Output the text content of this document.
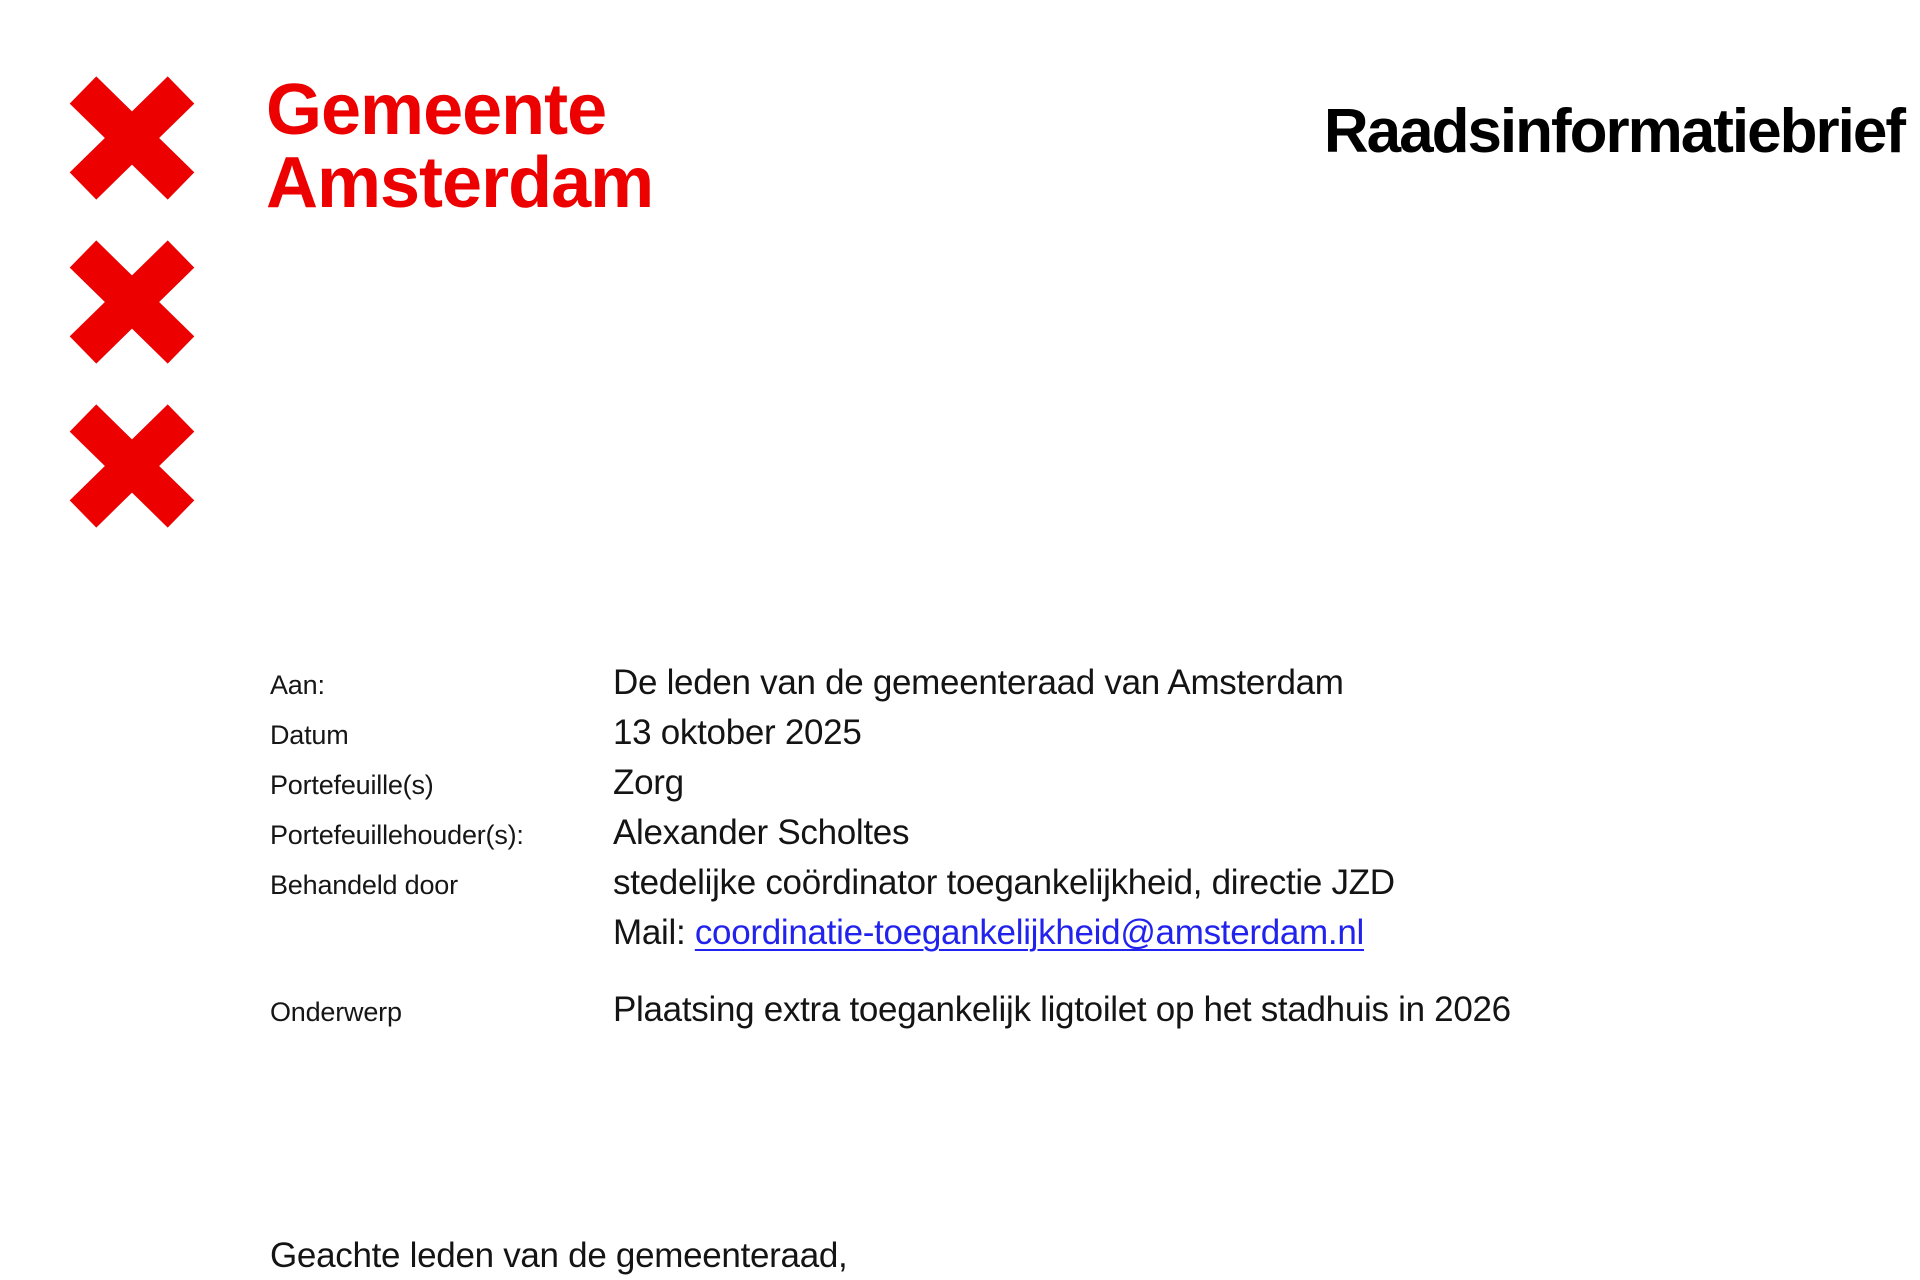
Gemeente
Amsterdam
Raadsinformatiebrief
Aan:	De leden van de gemeenteraad van Amsterdam
Datum	13 oktober 2025
Portefeuille(s)	Zorg
Portefeuillehouder(s):	Alexander Scholtes
Behandeld door	stedelijke coördinator toegankelijkheid, directie JZD
Mail: coordinatie-toegankelijkheid@amsterdam.nl
Onderwerp	Plaatsing extra toegankelijk ligtoilet op het stadhuis in 2026

Geachte leden van de gemeenteraad,
